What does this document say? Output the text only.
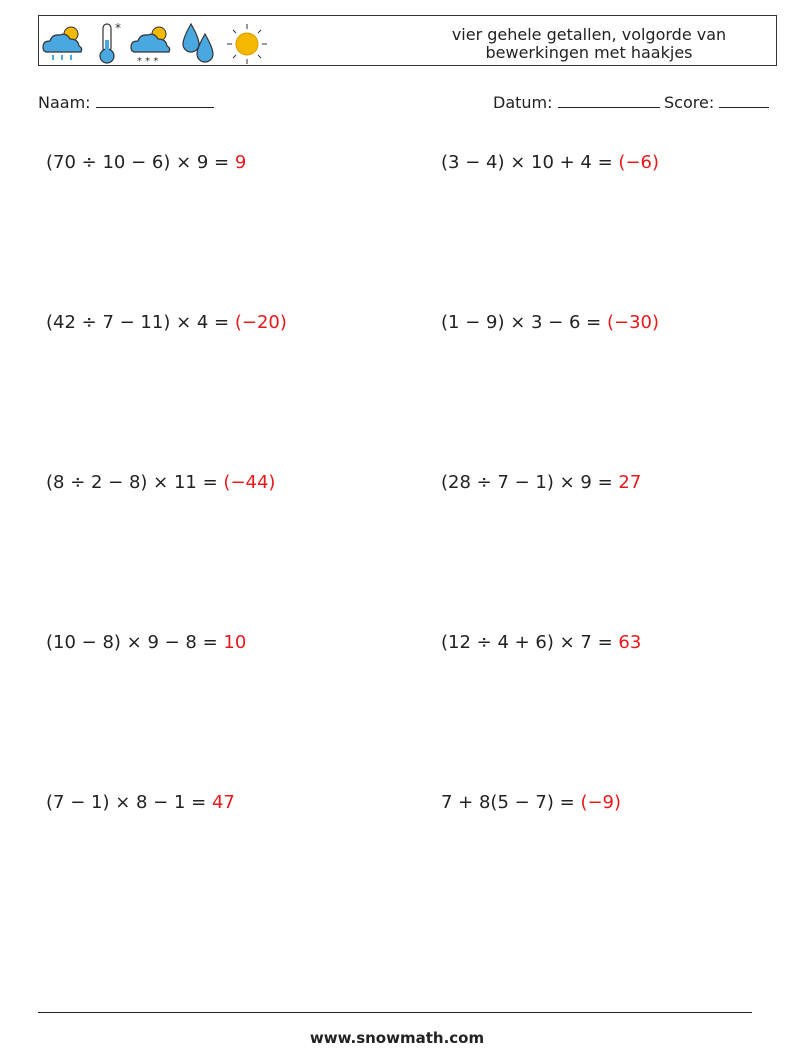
*
* * *
vier gehele getallen, volgorde van
bewerkingen met haakjes
Naam:	Datum:	Score:
(70 ÷ 10 − 6) × 9 = 9	(3 − 4) × 10 + 4 = (−6)
(42 ÷ 7 − 11) × 4 = (−20)	(1 − 9) × 3 − 6 = (−30)
(8 ÷ 2 − 8) × 11 = (−44)	(28 ÷ 7 − 1) × 9 = 27
(10 − 8) × 9 − 8 = 10	(12 ÷ 4 + 6) × 7 = 63
(7 − 1) × 8 − 1 = 47	7 + 8(5 − 7) = (−9)
www.snowmath.com
